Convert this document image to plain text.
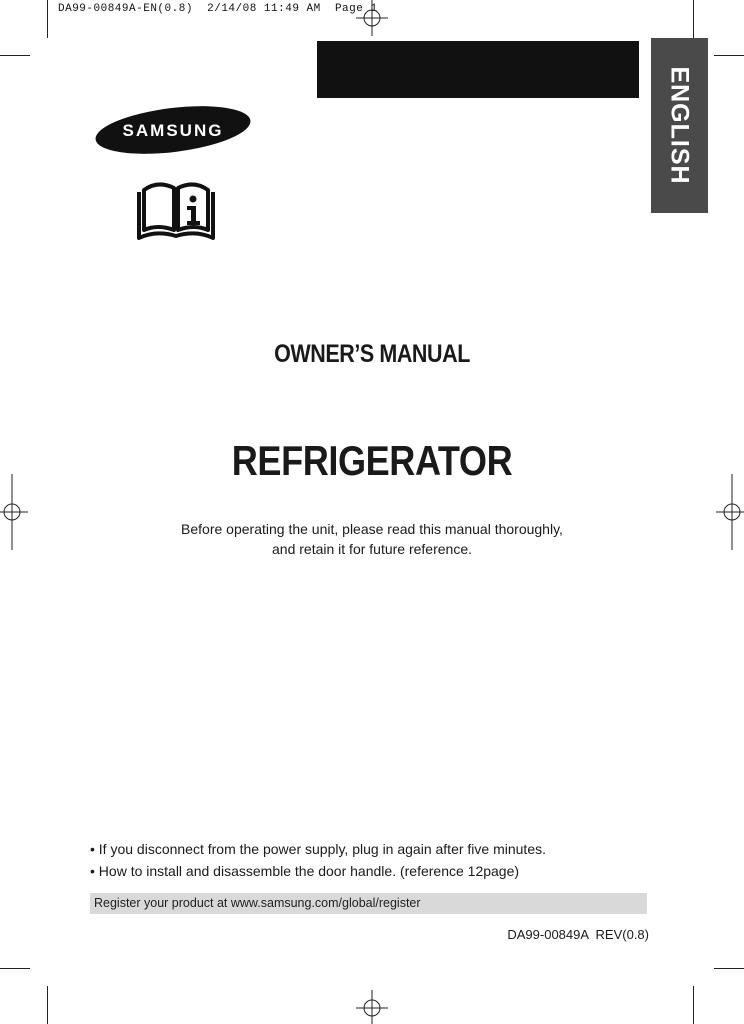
DA99-00849A-EN(0.8)  2/14/08 11:49 AM  Page 1
ENGLISH
SAMSUNG
OWNER’S MANUAL
REFRIGERATOR
Before operating the unit, please read this manual thoroughly,
and retain it for future reference.
• If you disconnect from the power supply, plug in again after five minutes.
• How to install and disassemble the door handle. (reference 12page)
Register your product at www.samsung.com/global/register
DA99-00849A  REV(0.8)
